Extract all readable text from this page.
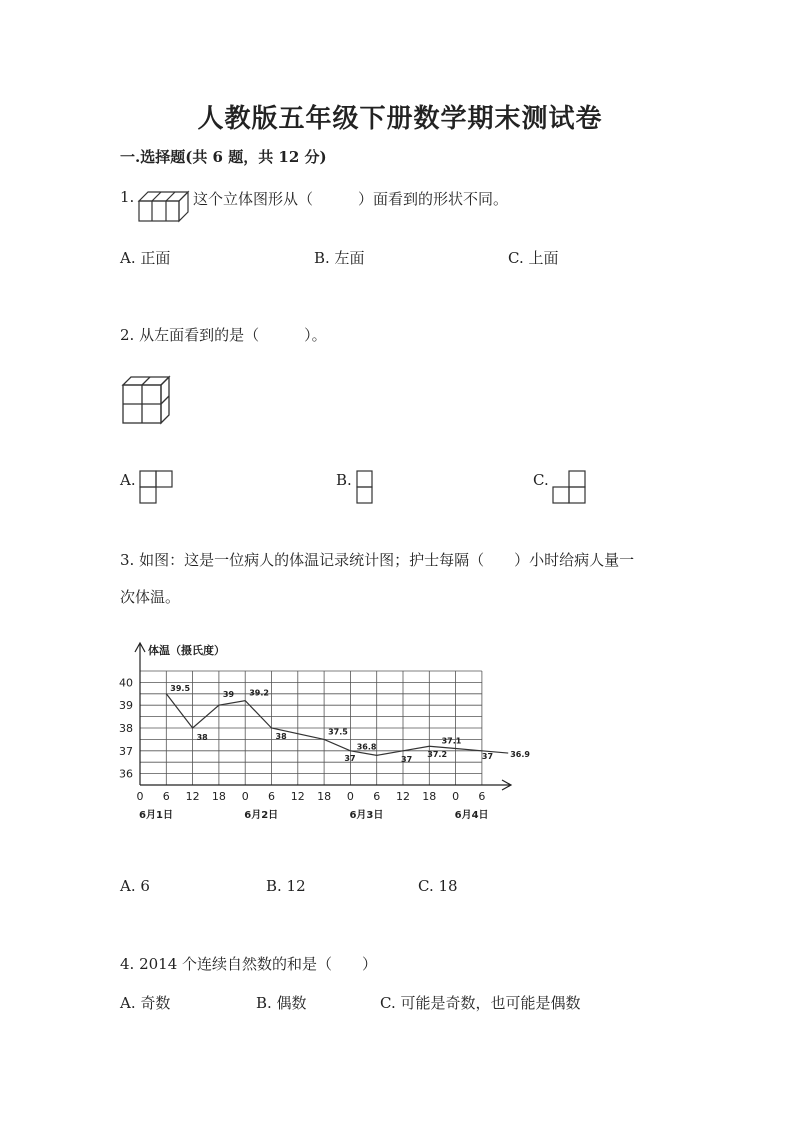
人教版五年级下册数学期末测试卷
一.选择题(共 6 题，共 12 分)
1.	这个立体图形从（　　　）面看到的形状不同。
A. 正面	B. 左面	C. 上面
2. 从左面看到的是（　　　）。
A.	B.	C.
3. 如图：这是一位病人的体温记录统计图；护士每隔（　　）小时给病人量一
次体温。
体温（摄氏度）
36
37
38
39
40
0 6 12 18 0 6 12 18 0 6 12 18 0 6
6月1日	6月2日	6月3日	6月4日
39.5
38
39 39.2
38
37.5
37
36.8
37
37.2
37.1
37 36.9
A. 6	B. 12	C. 18
4. 2014 个连续自然数的和是（　　）
A. 奇数	B. 偶数	C. 可能是奇数，也可能是偶数
